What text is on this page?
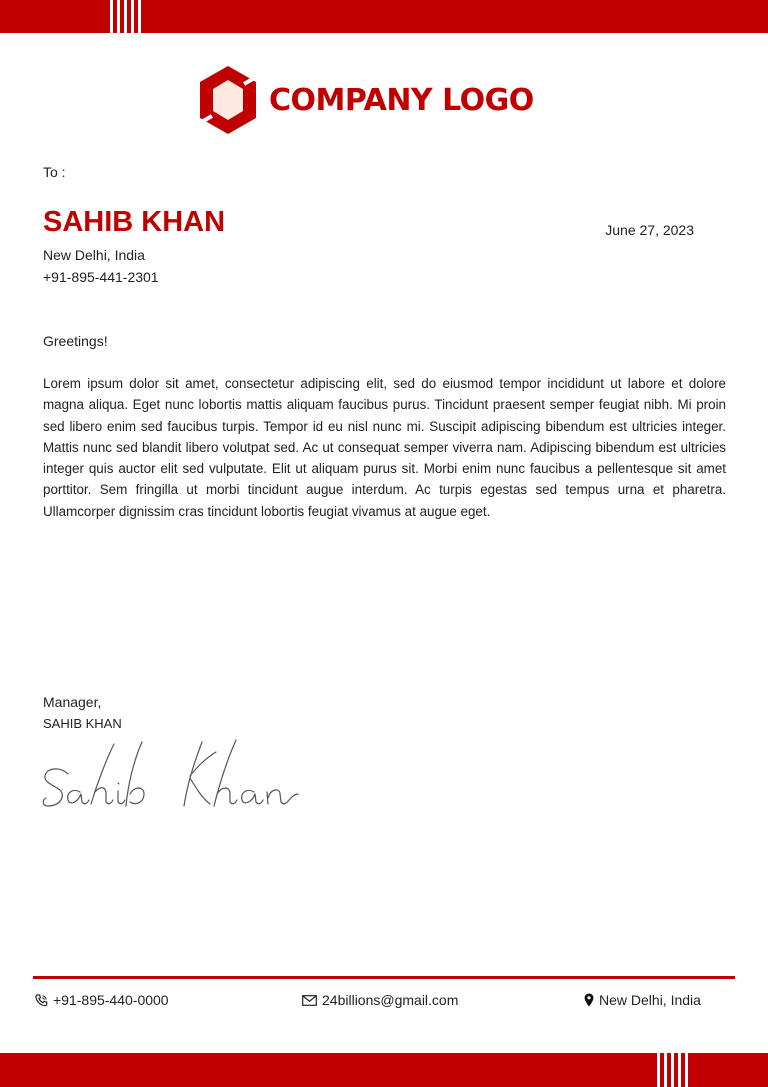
COMPANY LOGO
To :
SAHIB KHAN	June 27, 2023
New Delhi, India
+91-895-441-2301
Greetings!

Lorem ipsum dolor sit amet, consectetur adipiscing elit, sed do eiusmod tempor incididunt ut labore et dolore magna aliqua. Eget nunc lobortis mattis aliquam faucibus purus. Tincidunt praesent semper feugiat nibh. Mi proin sed libero enim sed faucibus turpis. Tempor id eu nisl nunc mi. Suscipit adipiscing bibendum est ultricies integer. Mattis nunc sed blandit libero volutpat sed. Ac ut consequat semper viverra nam. Adipiscing bibendum est ultricies integer quis auctor elit sed vulputate. Elit ut aliquam purus sit. Morbi enim nunc faucibus a pellentesque sit amet porttitor. Sem fringilla ut morbi tincidunt augue interdum. Ac turpis egestas sed tempus urna et pharetra. Ullamcorper dignissim cras tincidunt lobortis feugiat vivamus at augue eget.

Manager,
SAHIB KHAN
+91-895-440-0000	24billions@gmail.com	New Delhi, India
